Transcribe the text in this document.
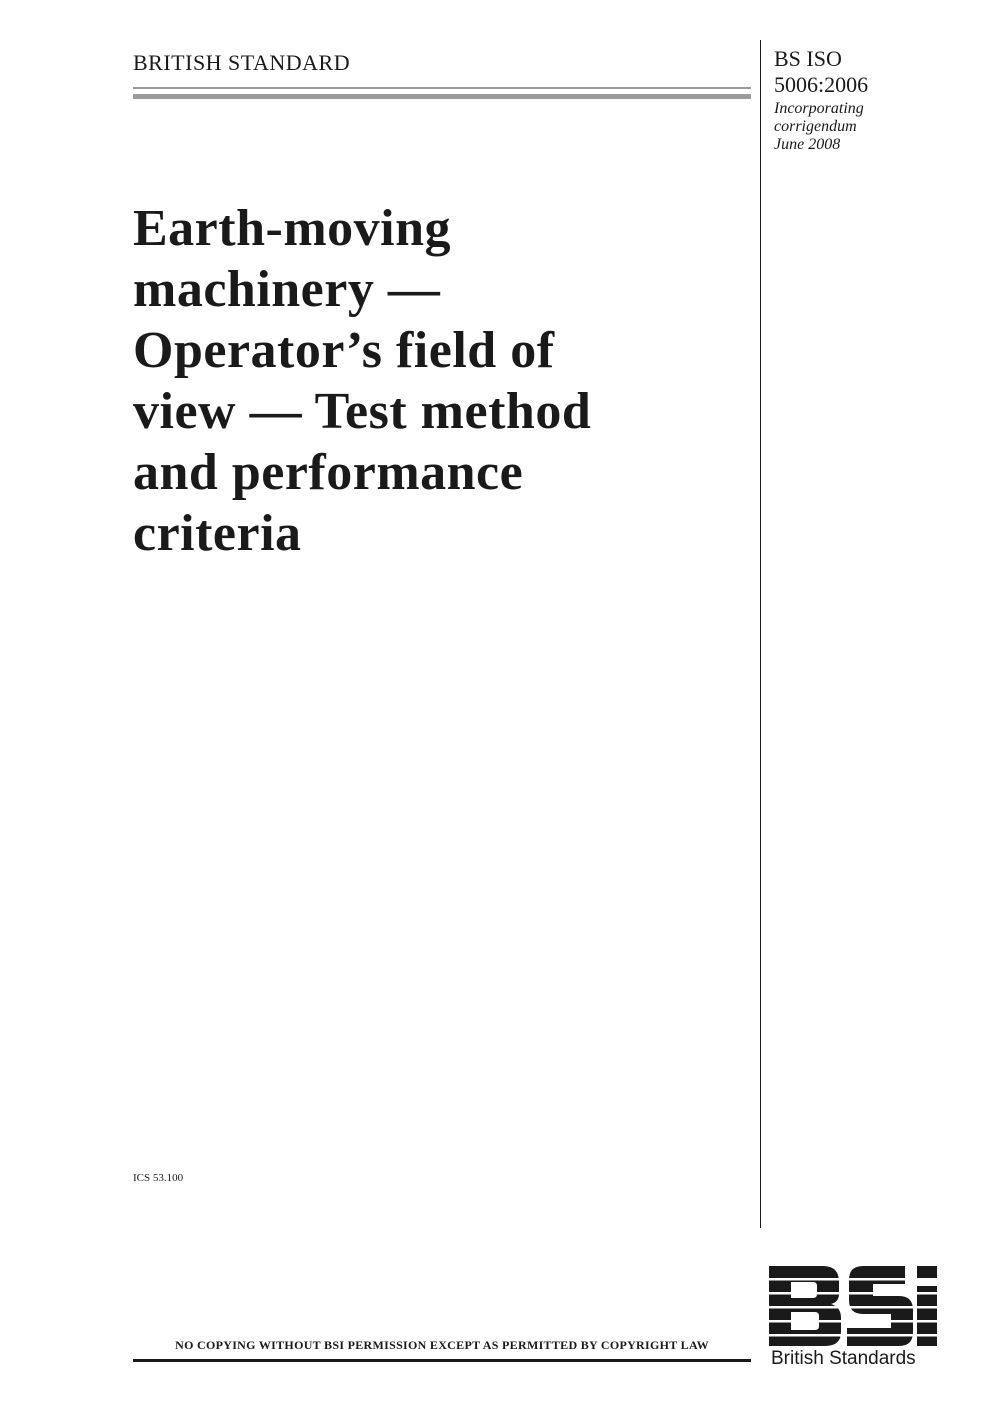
BRITISH STANDARD	BS ISO
5006:2006
Incorporating
corrigendum
June 2008
Earth-moving
machinery —
Operator’s field of
view — Test method
and performance
criteria
ICS 53.100
British Standards
NO COPYING WITHOUT BSI PERMISSION EXCEPT AS PERMITTED BY COPYRIGHT LAW
